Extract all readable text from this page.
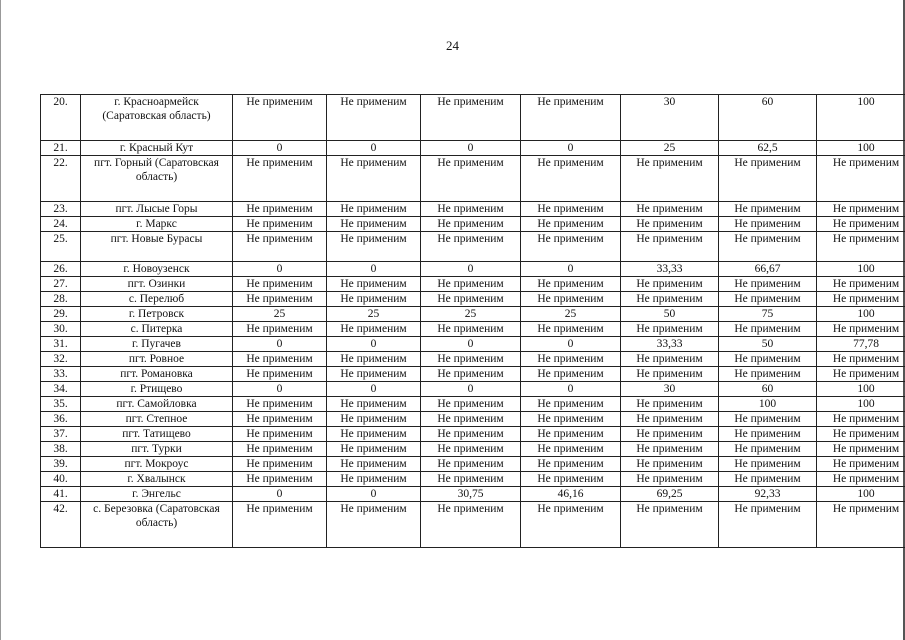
24
20.	г. Красноармейск (Саратовская область)	Не применим	Не применим	Не применим	Не применим	30	60	100
21.	г. Красный Кут	0	0	0	0	25	62,5	100
22.	пгт. Горный (Саратовская область)	Не применим	Не применим	Не применим	Не применим	Не применим	Не применим	Не применим
23.	пгт. Лысые Горы	Не применим	Не применим	Не применим	Не применим	Не применим	Не применим	Не применим
24.	г. Маркс	Не применим	Не применим	Не применим	Не применим	Не применим	Не применим	Не применим
25.	пгт. Новые Бурасы	Не применим	Не применим	Не применим	Не применим	Не применим	Не применим	Не применим
26.	г. Новоузенск	0	0	0	0	33,33	66,67	100
27.	пгт. Озинки	Не применим	Не применим	Не применим	Не применим	Не применим	Не применим	Не применим
28.	с. Перелюб	Не применим	Не применим	Не применим	Не применим	Не применим	Не применим	Не применим
29.	г. Петровск	25	25	25	25	50	75	100
30.	с. Питерка	Не применим	Не применим	Не применим	Не применим	Не применим	Не применим	Не применим
31.	г. Пугачев	0	0	0	0	33,33	50	77,78
32.	пгт. Ровное	Не применим	Не применим	Не применим	Не применим	Не применим	Не применим	Не применим
33.	пгт. Романовка	Не применим	Не применим	Не применим	Не применим	Не применим	Не применим	Не применим
34.	г. Ртищево	0	0	0	0	30	60	100
35.	пгт. Самойловка	Не применим	Не применим	Не применим	Не применим	Не применим	100	100
36.	пгт. Степное	Не применим	Не применим	Не применим	Не применим	Не применим	Не применим	Не применим
37.	пгт. Татищево	Не применим	Не применим	Не применим	Не применим	Не применим	Не применим	Не применим
38.	пгт. Турки	Не применим	Не применим	Не применим	Не применим	Не применим	Не применим	Не применим
39.	пгт. Мокроус	Не применим	Не применим	Не применим	Не применим	Не применим	Не применим	Не применим
40.	г. Хвалынск	Не применим	Не применим	Не применим	Не применим	Не применим	Не применим	Не применим
41.	г. Энгельс	0	0	30,75	46,16	69,25	92,33	100
42.	с. Березовка (Саратовская область)	Не применим	Не применим	Не применим	Не применим	Не применим	Не применим	Не применим
